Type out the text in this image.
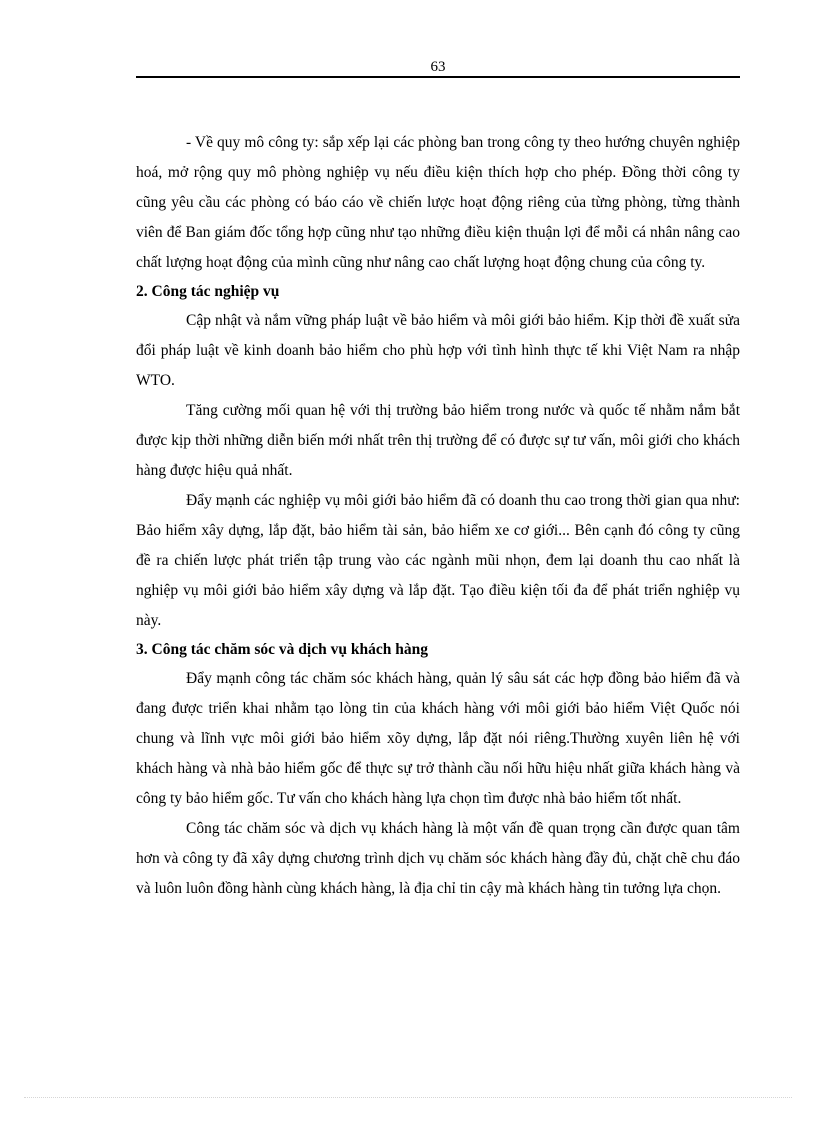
63

- Về quy mô công ty: sắp xếp lại các phòng ban trong công ty theo hướng chuyên nghiệp hoá, mở rộng quy mô phòng nghiệp vụ nếu điều kiện thích hợp cho phép. Đồng thời công ty cũng yêu cầu các phòng có báo cáo về chiến lược hoạt động riêng của từng phòng, từng thành viên để Ban giám đốc tổng hợp cũng như tạo những điều kiện thuận lợi để mỗi cá nhân nâng cao chất lượng hoạt động của mình cũng như nâng cao chất lượng hoạt động chung của công ty.

2. Công tác nghiệp vụ

Cập nhật và nắm vững pháp luật về bảo hiểm và môi giới bảo hiểm. Kịp thời đề xuất sửa đổi pháp luật về kinh doanh bảo hiểm cho phù hợp với tình hình thực tế khi Việt Nam ra nhập WTO.

Tăng cường mối quan hệ với thị trường bảo hiểm trong nước và quốc tế nhằm nắm bắt được kịp thời những diễn biến mới nhất trên thị trường để có được sự tư vấn, môi giới cho khách hàng được hiệu quả nhất.

Đẩy mạnh các nghiệp vụ môi giới bảo hiểm đã có doanh thu cao trong thời gian qua như: Bảo hiểm xây dựng, lắp đặt, bảo hiểm tài sản, bảo hiểm xe cơ giới... Bên cạnh đó công ty cũng đề ra chiến lược phát triển tập trung vào các ngành mũi nhọn, đem lại doanh thu cao nhất là nghiệp vụ môi giới bảo hiểm xây dựng và lắp đặt. Tạo điều kiện tối đa để phát triển nghiệp vụ này.

3. Công tác chăm sóc và dịch vụ khách hàng

Đẩy mạnh công tác chăm sóc khách hàng, quản lý sâu sát các hợp đồng bảo hiểm đã và đang được triển khai nhằm tạo lòng tin của khách hàng với môi giới bảo hiểm Việt Quốc nói chung và lĩnh vực môi giới bảo hiểm xõy dựng, lắp đặt nói riêng.Thường xuyên liên hệ với khách hàng và nhà bảo hiểm gốc để thực sự trở thành cầu nối hữu hiệu nhất giữa khách hàng và công ty bảo hiểm gốc. Tư vấn cho khách hàng lựa chọn tìm được nhà bảo hiểm tốt nhất.

Công tác chăm sóc và dịch vụ khách hàng là một vấn đề quan trọng cần được quan tâm hơn và công ty đã xây dựng chương trình dịch vụ chăm sóc khách hàng đầy đủ, chặt chẽ chu đáo và luôn luôn đồng hành cùng khách hàng, là địa chỉ tin cậy mà khách hàng tin tưởng lựa chọn.
